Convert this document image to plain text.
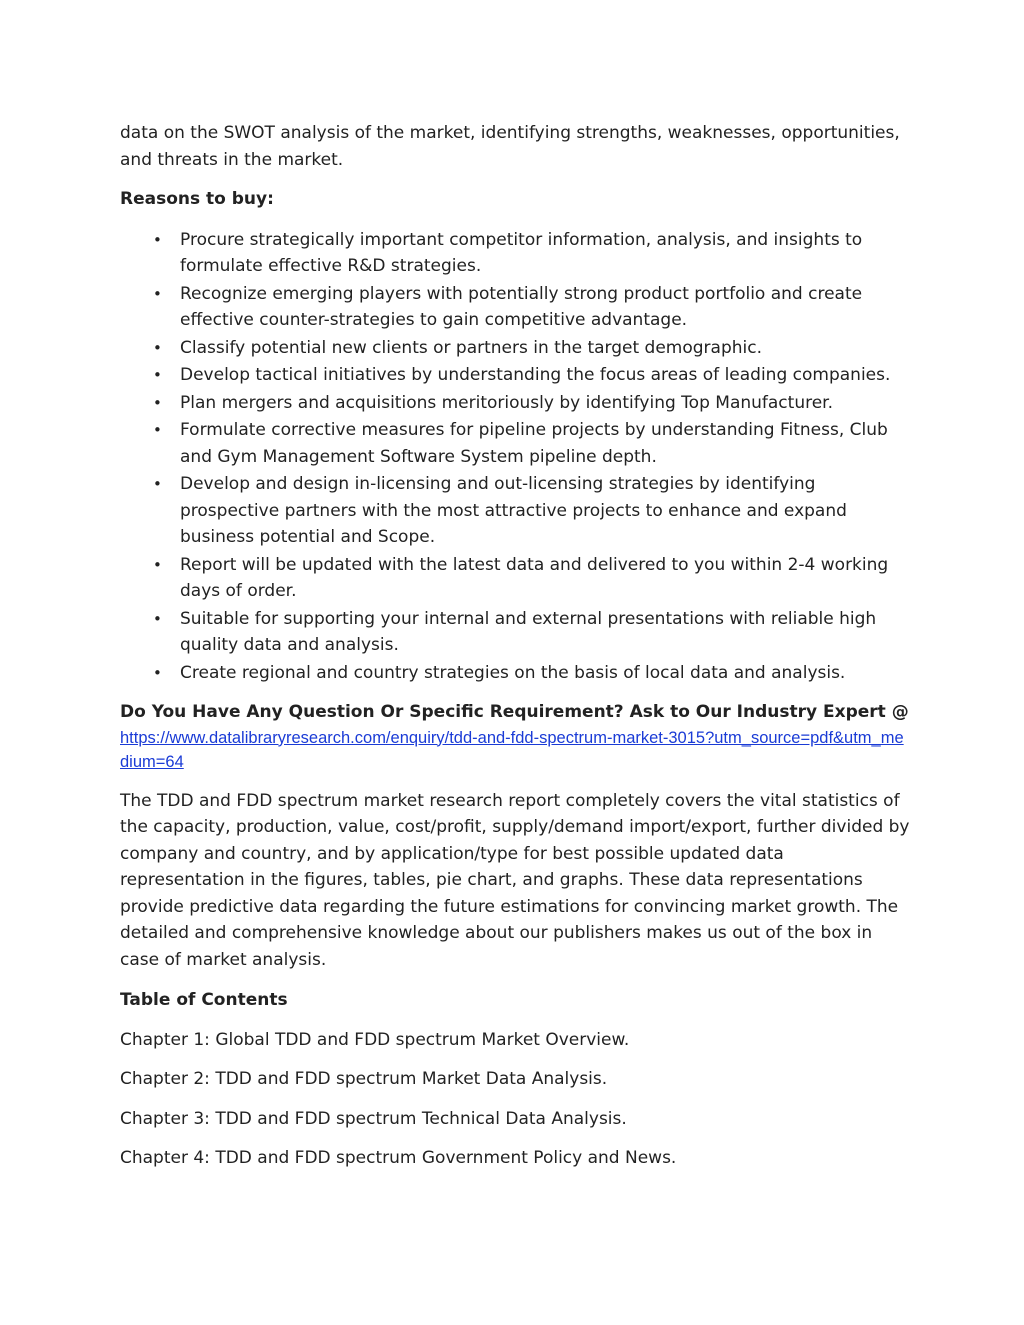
data on the SWOT analysis of the market, identifying strengths, weaknesses, opportunities, and threats in the market.

Reasons to buy:

• Procure strategically important competitor information, analysis, and insights to formulate effective R&D strategies.
• Recognize emerging players with potentially strong product portfolio and create effective counter-strategies to gain competitive advantage.
• Classify potential new clients or partners in the target demographic.
• Develop tactical initiatives by understanding the focus areas of leading companies.
• Plan mergers and acquisitions meritoriously by identifying Top Manufacturer.
• Formulate corrective measures for pipeline projects by understanding Fitness, Club and Gym Management Software System pipeline depth.
• Develop and design in-licensing and out-licensing strategies by identifying prospective partners with the most attractive projects to enhance and expand business potential and Scope.
• Report will be updated with the latest data and delivered to you within 2-4 working days of order.
• Suitable for supporting your internal and external presentations with reliable high quality data and analysis.
• Create regional and country strategies on the basis of local data and analysis.

Do You Have Any Question Or Specific Requirement? Ask to Our Industry Expert @

https://www.datalibraryresearch.com/enquiry/tdd-and-fdd-spectrum-market-3015?utm_source=pdf&utm_medium=64

The TDD and FDD spectrum market research report completely covers the vital statistics of the capacity, production, value, cost/profit, supply/demand import/export, further divided by company and country, and by application/type for best possible updated data representation in the figures, tables, pie chart, and graphs. These data representations provide predictive data regarding the future estimations for convincing market growth. The detailed and comprehensive knowledge about our publishers makes us out of the box in case of market analysis.

Table of Contents

Chapter 1: Global TDD and FDD spectrum Market Overview.

Chapter 2: TDD and FDD spectrum Market Data Analysis.

Chapter 3: TDD and FDD spectrum Technical Data Analysis.

Chapter 4: TDD and FDD spectrum Government Policy and News.
